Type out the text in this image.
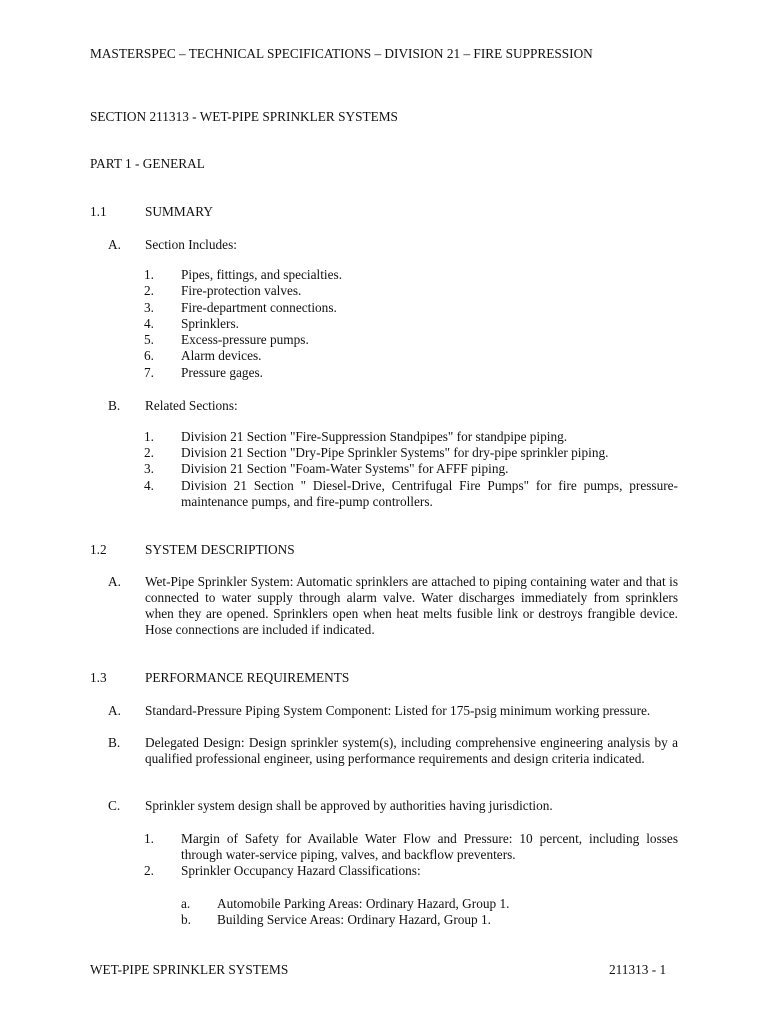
MASTERSPEC – TECHNICAL SPECIFICATIONS – DIVISION 21 – FIRE SUPPRESSION
SECTION 211313 - WET-PIPE SPRINKLER SYSTEMS
PART 1 - GENERAL
1.1	SUMMARY
A. Section Includes:
1. Pipes, fittings, and specialties.
2. Fire-protection valves.
3. Fire-department connections.
4. Sprinklers.
5. Excess-pressure pumps.
6. Alarm devices.
7. Pressure gages.
B. Related Sections:
1. Division 21 Section "Fire-Suppression Standpipes" for standpipe piping.
2. Division 21 Section "Dry-Pipe Sprinkler Systems" for dry-pipe sprinkler piping.
3. Division 21 Section "Foam-Water Systems" for AFFF piping.
4. Division 21 Section " Diesel-Drive, Centrifugal Fire Pumps" for fire pumps, pressure-maintenance pumps, and fire-pump controllers.
1.2	SYSTEM DESCRIPTIONS
A. Wet-Pipe Sprinkler System: Automatic sprinklers are attached to piping containing water and that is connected to water supply through alarm valve. Water discharges immediately from sprinklers when they are opened. Sprinklers open when heat melts fusible link or destroys frangible device. Hose connections are included if indicated.
1.3	PERFORMANCE REQUIREMENTS
A. Standard-Pressure Piping System Component: Listed for 175-psig minimum working pressure.
B. Delegated Design: Design sprinkler system(s), including comprehensive engineering analysis by a qualified professional engineer, using performance requirements and design criteria indicated.
C. Sprinkler system design shall be approved by authorities having jurisdiction.
1. Margin of Safety for Available Water Flow and Pressure: 10 percent, including losses through water-service piping, valves, and backflow preventers.
2. Sprinkler Occupancy Hazard Classifications:
a. Automobile Parking Areas: Ordinary Hazard, Group 1.
b. Building Service Areas: Ordinary Hazard, Group 1.
WET-PIPE SPRINKLER SYSTEMS	211313 - 1
